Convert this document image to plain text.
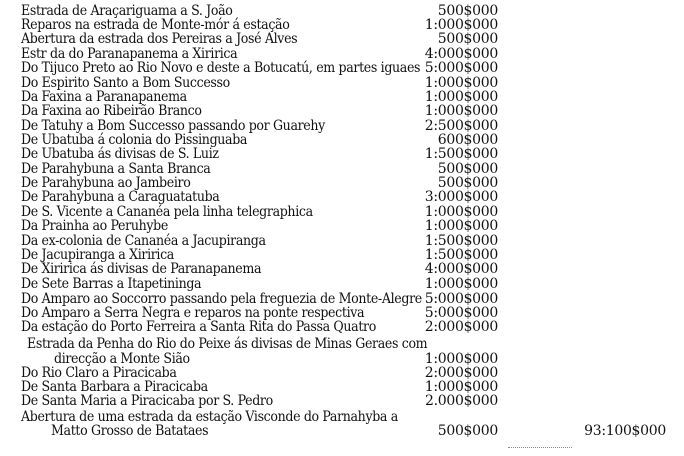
Estrada de Araçariguama a S. João	500$000
Reparos na estrada de Monte-mór á estação	1:000$000
Abertura da estrada dos Pereiras a José Alves	500$000
Estr da do Paranapanema a Xiririca	4:000$000
Do Tijuco Preto ao Rio Novo e deste a Botucatú, em partes iguaes 5:000$000
Do Espirito Santo a Bom Successo	1:000$000
Da Faxina a Paranapanema	1:000$000
Da Faxina ao Ribeirão Branco	1:000$000
De Tatuhy a Bom Successo passando por Guarehy	2:500$000
De Ubatuba á colonia do Pissinguaba	600$000
De Ubatuba ás divisas de S. Luiz	1:500$000
De Parahybuna a Santa Branca	500$000
De Parahybuna ao Jambeiro	500$000
De Parahybuna a Caraguatatuba	3:000$000
De S. Vicente a Cananéa pela linha telegraphica	1:000$000
Da Prainha ao Peruhybe	1:000$000
Da ex-colonia de Cananéa a Jacupiranga	1:500$000
De Jacupiranga a Xiririca	1:500$000
De Xiririca ás divisas de Paranapanema	4:000$000
De Sete Barras a Itapetininga	1:000$000
Do Amparo ao Soccorro passando pela freguezia de Monte-Alegre 5:000$000
Do Amparo a Serra Negra e reparos na ponte respectiva	5:000$000
Da estação do Porto Ferreira a Santa Rita do Passa Quatro	2:000$000
Estrada da Penha do Rio do Peixe ás divisas de Minas Geraes com
direcção a Monte Sião	1:000$000
Do Rio Claro a Piracicaba	2:000$000
De Santa Barbara a Piracicaba	1:000$000
De Santa Maria a Piracicaba por S. Pedro	2.000$000
Abertura de uma estrada da estação Visconde do Parnahyba a
Matto Grosso de Batataes	500$000	93:100$000
